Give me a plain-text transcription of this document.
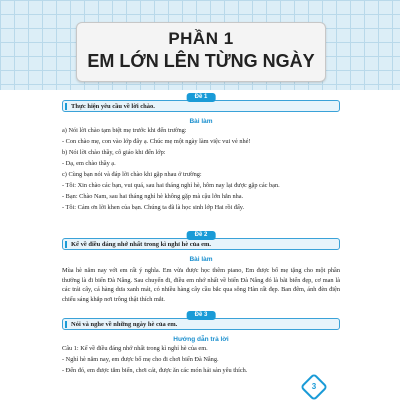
PHẦN 1
EM LỚN LÊN TỪNG NGÀY
Thực hiện yêu cầu về lời chào.
Đề 1
Bài làm
a) Nói lời chào tạm biệt mẹ trước khi đến trường:
- Con chào mẹ, con vào lớp đây ạ. Chúc mẹ một ngày làm việc vui vẻ nhé!
b) Nói lời chào thầy, cô giáo khi đến lớp:
- Dạ, em chào thầy ạ.
c) Cùng bạn nói và đáp lời chào khi gặp nhau ở trường:
- Tôi: Xin chào các bạn, vui quá, sau hai tháng nghỉ hè, hôm nay lại được gặp các bạn.
- Bạn: Chào Nam, sau hai tháng nghỉ hè không gặp mà cậu lớn hẳn nha.
- Tôi: Cảm ơn lời khen của bạn. Chúng ta đã là học sinh lớp Hai rồi đấy.
Kể về điều đáng nhớ nhất trong kì nghỉ hè của em.
Đề 2
Bài làm
Mùa hè năm nay với em rất ý nghĩa. Em vừa được học thêm piano, Em được bố mẹ tặng cho một phần thưởng là đi biển Đà Nẵng. Sau chuyến đi, điều em nhớ nhất về biển Đà Nẵng đó là bãi biển đẹp, cơ man là các trái cây, cá hàng dưa xanh mát, có nhiều hàng cây cầu bắc qua sông Hàn rất đẹp. Ban đêm, ánh đèn điện chiếu sáng khắp nơi trông thật thích mắt.
Nói và nghe về những ngày hè của em.
Đề 3
Hướng dẫn trả lời
Câu 1: Kể về điều đáng nhớ nhất trong kì nghỉ hè của em.
- Nghỉ hè năm nay, em được bố mẹ cho đi chơi biển Đà Nẵng.
- Đến đó, em được tắm biển, chơi cát, được ăn các món hải sản yêu thích.
3
